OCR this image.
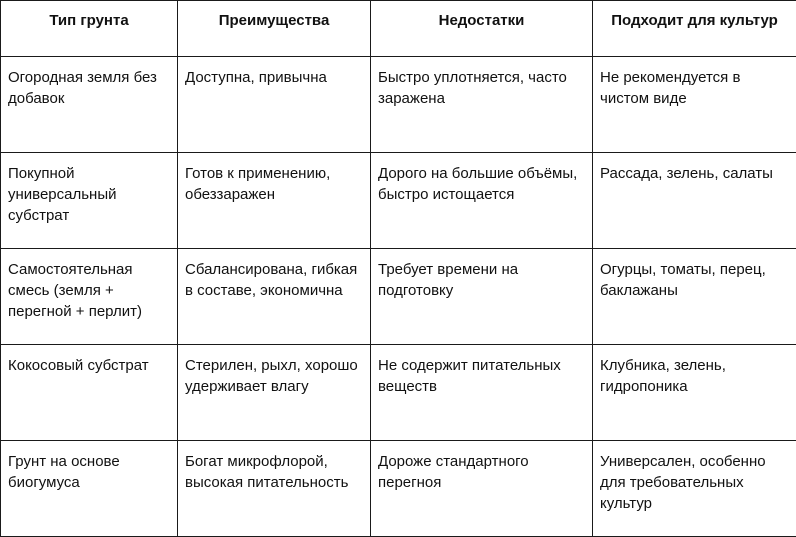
Тип грунта	Преимущества	Недостатки	Подходит для культур
Огородная земля без добавок	Доступна, привычна	Быстро уплотняется, часто заражена	Не рекомендуется в чистом виде
Покупной универсальный субстрат	Готов к применению, обеззаражен	Дорого на большие объёмы, быстро истощается	Рассада, зелень, салаты
Самостоятельная смесь (земля + перегной + перлит)	Сбалансирована, гибкая в составе, экономична	Требует времени на подготовку	Огурцы, томаты, перец, баклажаны
Кокосовый субстрат	Стерилен, рыхл, хорошо удерживает влагу	Не содержит питательных веществ	Клубника, зелень, гидропоника
Грунт на основе биогумуса	Богат микрофлорой, высокая питательность	Дороже стандартного перегноя	Универсален, особенно для требовательных культур
